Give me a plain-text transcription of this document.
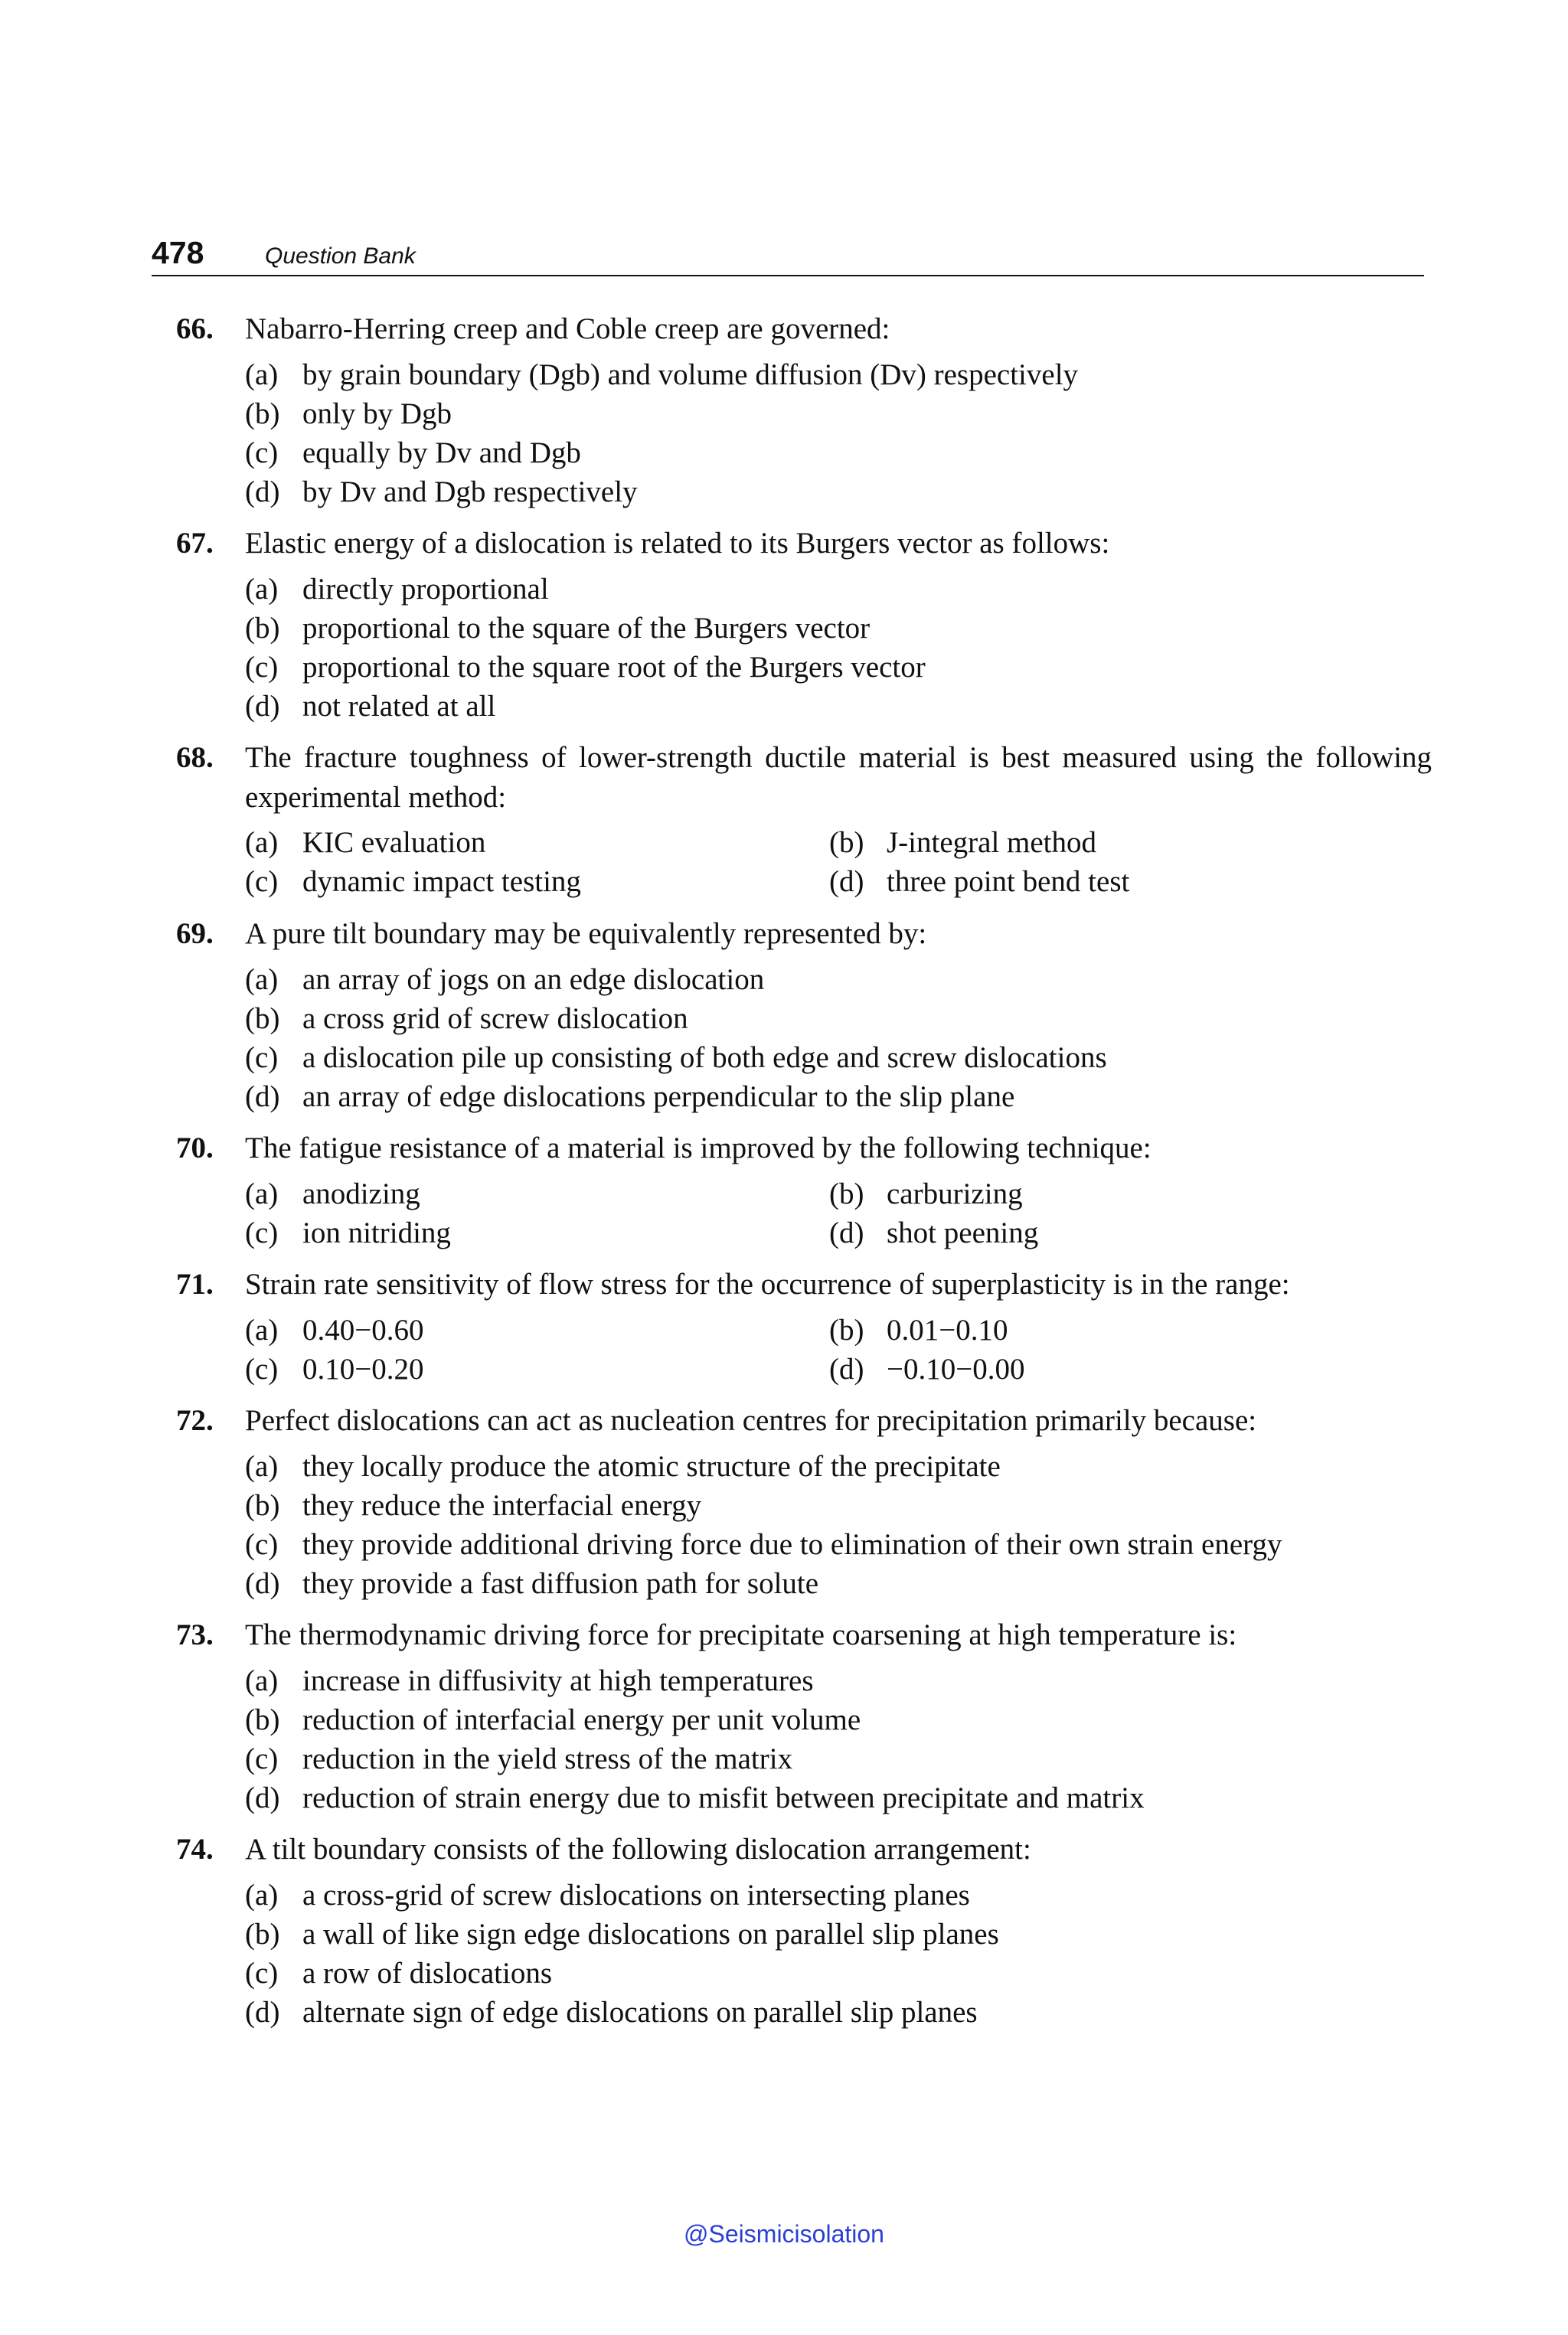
478	Question Bank
66.	Nabarro-Herring creep and Coble creep are governed:

(a) by grain boundary (Dgb) and volume diffusion (Dv) respectively
(b) only by Dgb
(c) equally by Dv and Dgb
(d) by Dv and Dgb respectively
67.	Elastic energy of a dislocation is related to its Burgers vector as follows:

(a) directly proportional
(b) proportional to the square of the Burgers vector
(c) proportional to the square root of the Burgers vector
(d) not related at all
68.	The fracture toughness of lower-strength ductile material is best measured using the following experimental method:

(a) KIC evaluation	(b) J-integral method
(c) dynamic impact testing	(d) three point bend test
69.	A pure tilt boundary may be equivalently represented by:

(a) an array of jogs on an edge dislocation
(b) a cross grid of screw dislocation
(c) a dislocation pile up consisting of both edge and screw dislocations
(d) an array of edge dislocations perpendicular to the slip plane
70.	The fatigue resistance of a material is improved by the following technique:

(a) anodizing	(b) carburizing
(c) ion nitriding	(d) shot peening
71.	Strain rate sensitivity of flow stress for the occurrence of superplasticity is in the range:

(a) 0.40−0.60	(b) 0.01−0.10
(c) 0.10−0.20	(d) −0.10−0.00
72.	Perfect dislocations can act as nucleation centres for precipitation primarily because:

(a) they locally produce the atomic structure of the precipitate
(b) they reduce the interfacial energy
(c) they provide additional driving force due to elimination of their own strain energy
(d) they provide a fast diffusion path for solute
73.	The thermodynamic driving force for precipitate coarsening at high temperature is:

(a) increase in diffusivity at high temperatures
(b) reduction of interfacial energy per unit volume
(c) reduction in the yield stress of the matrix
(d) reduction of strain energy due to misfit between precipitate and matrix
74.	A tilt boundary consists of the following dislocation arrangement:

(a) a cross-grid of screw dislocations on intersecting planes
(b) a wall of like sign edge dislocations on parallel slip planes
(c) a row of dislocations
(d) alternate sign of edge dislocations on parallel slip planes
@Seismicisolation
